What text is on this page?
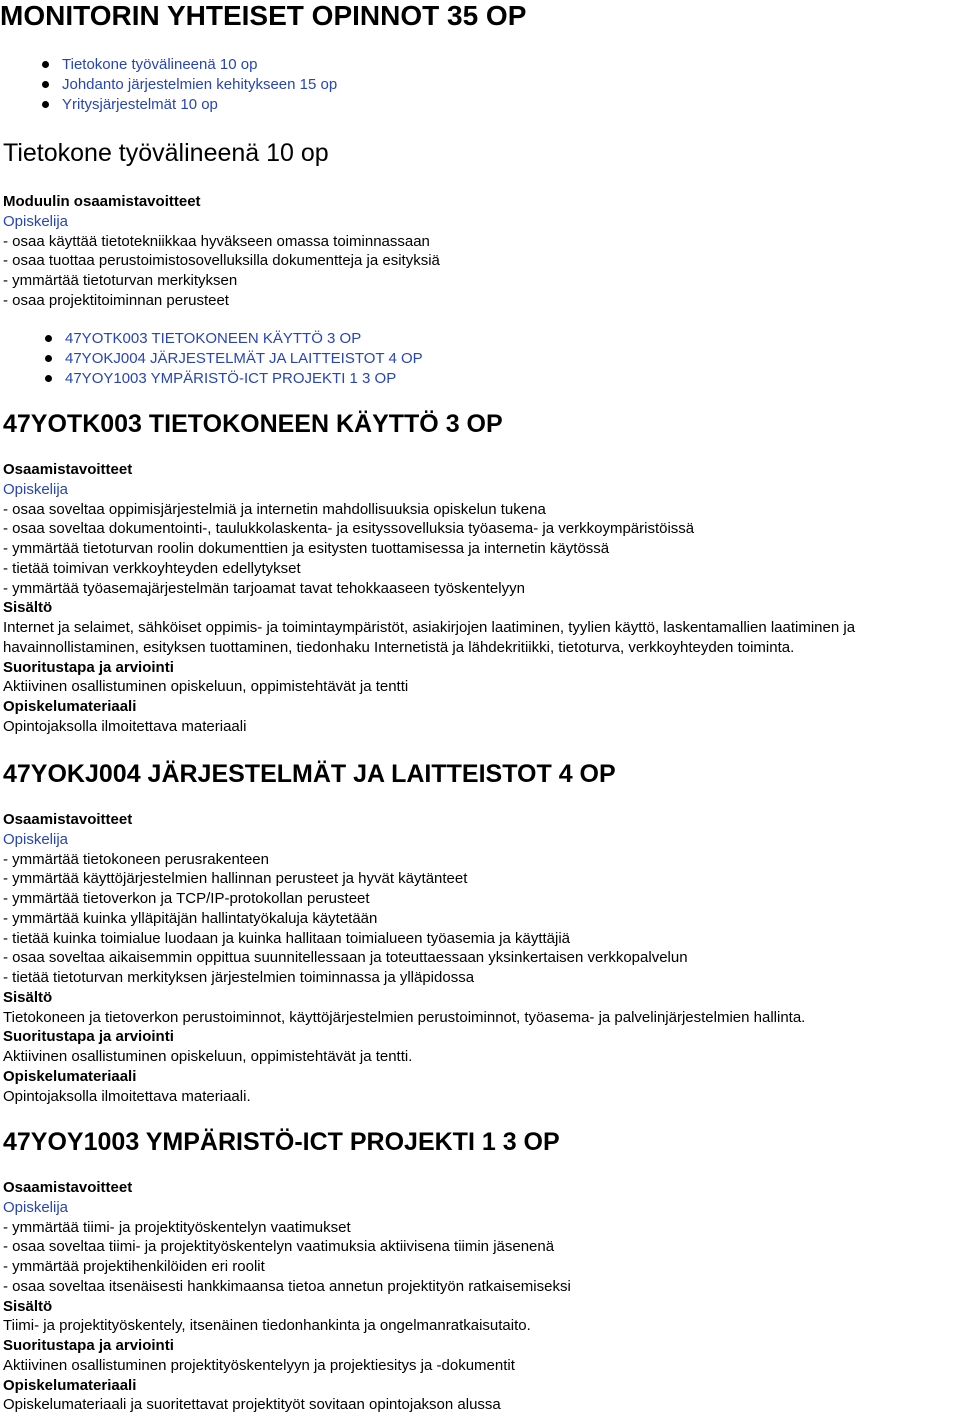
MONITORIN YHTEISET OPINNOT 35 OP
Tietokone työvälineenä 10 op
Johdanto järjestelmien kehitykseen 15 op
Yritysjärjestelmät 10 op
Tietokone työvälineenä 10 op
Moduulin osaamistavoitteet
Opiskelija
- osaa käyttää tietotekniikkaa hyväkseen omassa toiminnassaan
- osaa tuottaa perustoimistosovelluksilla dokumentteja ja esityksiä
- ymmärtää tietoturvan merkityksen
- osaa projektitoiminnan perusteet
47YOTK003 TIETOKONEEN KÄYTTÖ 3 OP
47YOKJ004 JÄRJESTELMÄT JA LAITTEISTOT 4 OP
47YOY1003 YMPÄRISTÖ-ICT PROJEKTI 1 3 OP
47YOTK003 TIETOKONEEN KÄYTTÖ 3 OP
Osaamistavoitteet
Opiskelija
- osaa soveltaa oppimisjärjestelmiä ja internetin mahdollisuuksia opiskelun tukena
- osaa soveltaa dokumentointi-, taulukkolaskenta- ja esityssovelluksia työasema- ja verkkoympäristöissä
- ymmärtää tietoturvan roolin dokumenttien ja esitysten tuottamisessa ja internetin käytössä
- tietää toimivan verkkoyhteyden edellytykset
- ymmärtää työasemajärjestelmän tarjoamat tavat tehokkaaseen työskentelyyn
Sisältö
Internet ja selaimet, sähköiset oppimis- ja toimintaympäristöt, asiakirjojen laatiminen, tyylien käyttö, laskentamallien laatiminen ja havainnollistaminen, esityksen tuottaminen, tiedonhaku Internetistä ja lähdekritiikki, tietoturva, verkkoyhteyden toiminta.
Suoritustapa ja arviointi
Aktiivinen osallistuminen opiskeluun, oppimistehtävät ja tentti
Opiskelumateriaali
Opintojaksolla ilmoitettava materiaali
47YOKJ004 JÄRJESTELMÄT JA LAITTEISTOT 4 OP
Osaamistavoitteet
Opiskelija
- ymmärtää tietokoneen perusrakenteen
- ymmärtää käyttöjärjestelmien hallinnan perusteet ja hyvät käytänteet
- ymmärtää tietoverkon ja TCP/IP-protokollan perusteet
- ymmärtää kuinka ylläpitäjän hallintatyökaluja käytetään
- tietää kuinka toimialue luodaan ja kuinka hallitaan toimialueen työasemia ja käyttäjiä
- osaa soveltaa aikaisemmin oppittua suunnitellessaan ja toteuttaessaan yksinkertaisen verkkopalvelun
- tietää tietoturvan merkityksen järjestelmien toiminnassa ja ylläpidossa
Sisältö
Tietokoneen ja tietoverkon perustoiminnot, käyttöjärjestelmien perustoiminnot, työasema- ja palvelinjärjestelmien hallinta.
Suoritustapa ja arviointi
Aktiivinen osallistuminen opiskeluun, oppimistehtävät ja tentti.
Opiskelumateriaali
Opintojaksolla ilmoitettava materiaali.
47YOY1003 YMPÄRISTÖ-ICT PROJEKTI 1 3 OP
Osaamistavoitteet
Opiskelija
- ymmärtää tiimi- ja projektityöskentelyn vaatimukset
- osaa soveltaa tiimi- ja projektityöskentelyn vaatimuksia aktiivisena tiimin jäsenenä
- ymmärtää projektihenkilöiden eri roolit
- osaa soveltaa itsenäisesti hankkimaansa tietoa annetun projektityön ratkaisemiseksi
Sisältö
Tiimi- ja projektityöskentely, itsenäinen tiedonhankinta ja ongelmanratkaisutaito.
Suoritustapa ja arviointi
Aktiivinen osallistuminen projektityöskentelyyn ja projektiesitys ja -dokumentit
Opiskelumateriaali
Opiskelumateriaali ja suoritettavat projektityöt sovitaan opintojakson alussa
